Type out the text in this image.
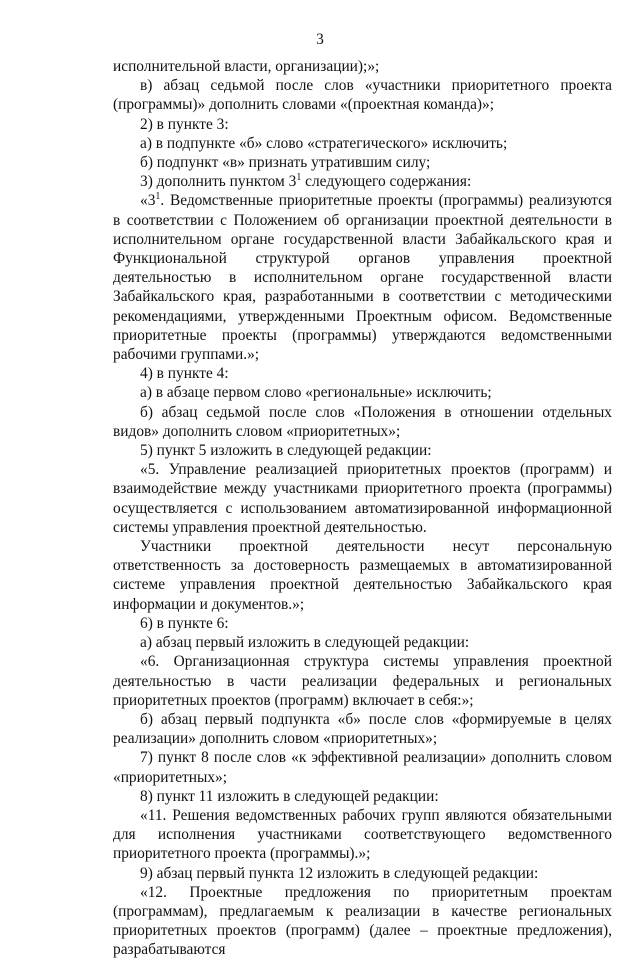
3

исполнительной власти, организации);»;

в) абзац седьмой после слов «участники приоритетного проекта (программы)» дополнить словами «(проектная команда)»;

2) в пункте 3:

а) в подпункте «б» слово «стратегического» исключить;

б) подпункт «в» признать утратившим силу;

3) дополнить пунктом $3^1$ следующего содержания:

«$3^1$. Ведомственные приоритетные проекты (программы) реализуются в соответствии с Положением об организации проектной деятельности в исполнительном органе государственной власти Забайкальского края и Функциональной структурой органов управления проектной деятельностью в исполнительном органе государственной власти Забайкальского края, разработанными в соответствии с методическими рекомендациями, утвержденными Проектным офисом. Ведомственные приоритетные проекты (программы) утверждаются ведомственными рабочими группами.»;

4) в пункте 4:

а) в абзаце первом слово «региональные» исключить;

б) абзац седьмой после слов «Положения в отношении отдельных видов» дополнить словом «приоритетных»;

5) пункт 5 изложить в следующей редакции:

«5. Управление реализацией приоритетных проектов (программ) и взаимодействие между участниками приоритетного проекта (программы) осуществляется с использованием автоматизированной информационной системы управления проектной деятельностью.

Участники проектной деятельности несут персональную ответственность за достоверность размещаемых в автоматизированной системе управления проектной деятельностью Забайкальского края информации и документов.»;

6) в пункте 6:

а) абзац первый изложить в следующей редакции:

«6. Организационная структура системы управления проектной деятельностью в части реализации федеральных и региональных приоритетных проектов (программ) включает в себя:»;

б) абзац первый подпункта «б» после слов «формируемые в целях реализации» дополнить словом «приоритетных»;

7) пункт 8 после слов «к эффективной реализации» дополнить словом «приоритетных»;

8) пункт 11 изложить в следующей редакции:

«11. Решения ведомственных рабочих групп являются обязательными для исполнения участниками соответствующего ведомственного приоритетного проекта (программы).»;

9) абзац первый пункта 12 изложить в следующей редакции:

«12. Проектные предложения по приоритетным проектам (программам), предлагаемым к реализации в качестве региональных приоритетных проектов (программ) (далее – проектные предложения), разрабатываются
